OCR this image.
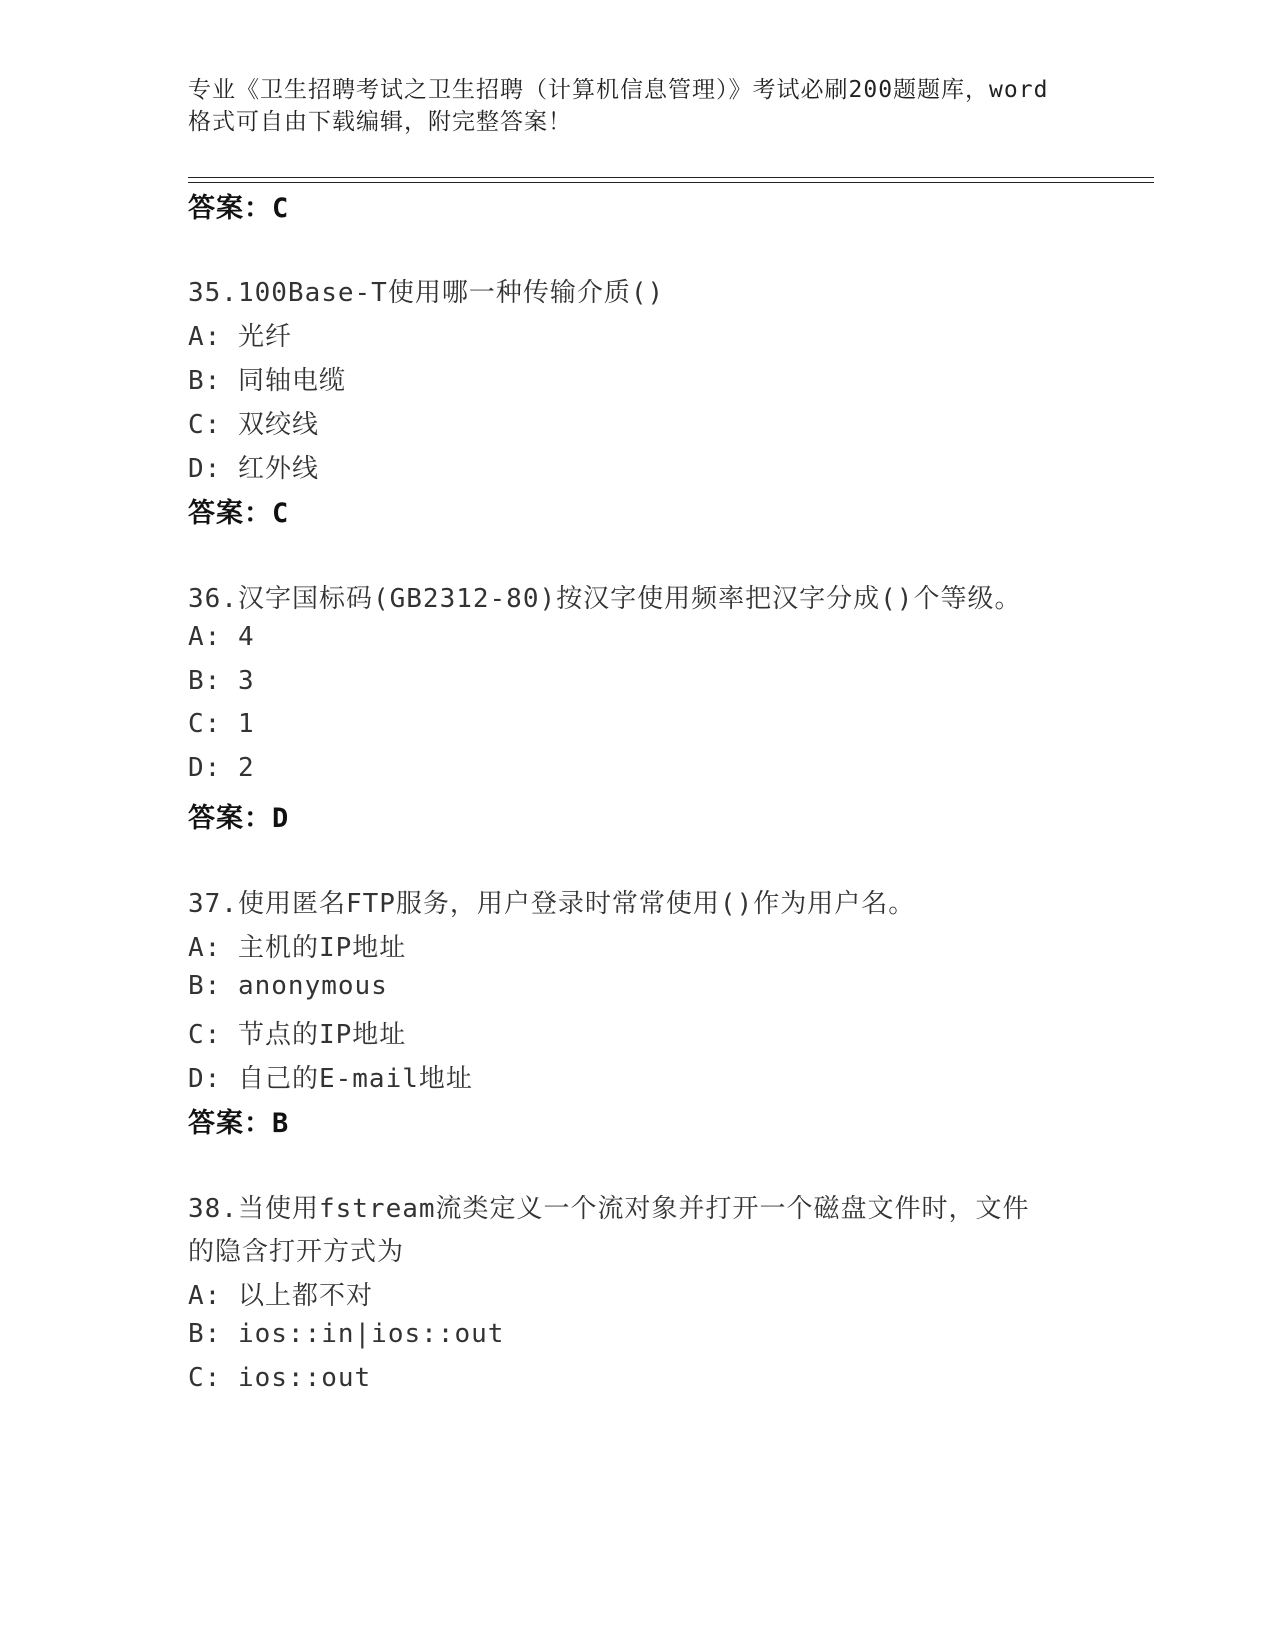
专业《卫生招聘考试之卫生招聘（计算机信息管理）》考试必刷200题题库，word
格式可自由下载编辑，附完整答案！
答案：C
35.100Base-T使用哪一种传输介质()
A: 光纤
B: 同轴电缆
C: 双绞线
D: 红外线
答案：C
36.汉字国标码(GB2312-80)按汉字使用频率把汉字分成()个等级。
A: 4
B: 3
C: 1
D: 2
答案：D
37.使用匿名FTP服务，用户登录时常常使用()作为用户名。
A: 主机的IP地址
B: anonymous
C: 节点的IP地址
D: 自己的E-mail地址
答案：B
38.当使用fstream流类定义一个流对象并打开一个磁盘文件时，文件
的隐含打开方式为
A: 以上都不对
B: ios::in|ios::out
C: ios::out
